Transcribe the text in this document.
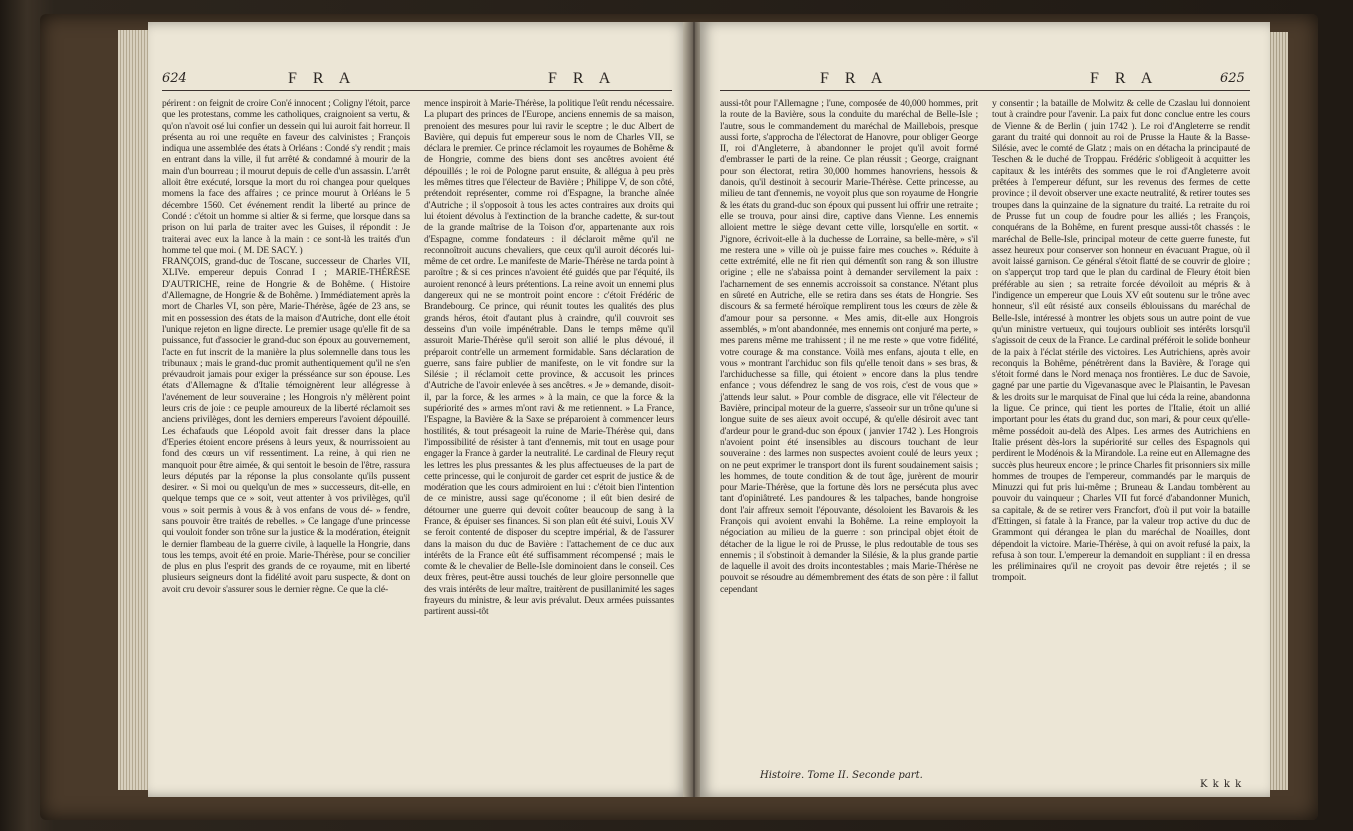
624	F R A	F R A
périrent : on feignit de croire Con'é innocent ; Coligny l'étoit, parce que les protestans, comme les catholiques, craignoient sa vertu, & qu'on n'avoit osé lui confier un dessein qui lui auroit fait horreur. Il présenta au roi une requête en faveur des calvinistes ; François indiqua une assemblée des états à Orléans : Condé s'y rendit ; mais en entrant dans la ville, il fut arrêté & condamné à mourir de la main d'un bourreau ; il mourut depuis de celle d'un assassin. L'arrêt alloit être exécuté, lorsque la mort du roi changea pour quelques momens la face des affaires ; ce prince mourut à Orléans le 5 décembre 1560. Cet événement rendit la liberté au prince de Condé : c'étoit un homme si altier & si ferme, que lorsque dans sa prison on lui parla de traiter avec les Guises, il répondit : Je traiterai avec eux la lance à la main : ce sont-là les traités d'un homme tel que moi. ( M. DE SACY. )
FRANÇOIS, grand-duc de Toscane, successeur de Charles VII, XLIVe. empereur depuis Conrad I ; MARIE-THÉRÈSE D'AUTRICHE, reine de Hongrie & de Bohême. ( Histoire d'Allemagne, de Hongrie & de Bohême. ) Immédiatement après la mort de Charles VI, son père, Marie-Thérèse, âgée de 23 ans, se mit en possession des états de la maison d'Autriche, dont elle étoit l'unique rejeton en ligne directe. Le premier usage qu'elle fit de sa puissance, fut d'associer le grand-duc son époux au gouvernement, l'acte en fut inscrit de la manière la plus solemnelle dans tous les tribunaux ; mais le grand-duc promit authentiquement qu'il ne s'en prévaudroit jamais pour exiger la présséance sur son épouse. Les états d'Allemagne & d'Italie témoignèrent leur allégresse à l'avénement de leur souveraine ; les Hongrois n'y mêlèrent point leurs cris de joie : ce peuple amoureux de la liberté réclamoit ses anciens privilèges, dont les derniers empereurs l'avoient dépouillé. Les échafauds que Léopold avoit fait dresser dans la place d'Eperies étoient encore présens à leurs yeux, & nourrissoient au fond des cœurs un vif ressentiment. La reine, à qui rien ne manquoit pour être aimée, & qui sentoit le besoin de l'être, rassura leurs députés par la réponse la plus consolante qu'ils pussent desirer. « Si moi ou quelqu'un de mes » successeurs, dit-elle, en quelque temps que ce » soit, veut attenter à vos privilèges, qu'il vous » soit permis à vous & à vos enfans de vous dé- » fendre, sans pouvoir être traités de rebelles. » Ce langage d'une princesse qui vouloit fonder son trône sur la justice & la modération, éteignit le dernier flambeau de la guerre civile, à laquelle la Hongrie, dans tous les temps, avoit été en proie. Marie-Thérèse, pour se concilier de plus en plus l'esprit des grands de ce royaume, mit en liberté plusieurs seigneurs dont la fidélité avoit paru suspecte, & dont on avoit cru devoir s'assurer sous le dernier règne. Ce que la clé-
mence inspiroit à Marie-Thérèse, la politique l'eût rendu nécessaire. La plupart des princes de l'Europe, anciens ennemis de sa maison, prenoient des mesures pour lui ravir le sceptre ; le duc Albert de Bavière, qui depuis fut empereur sous le nom de Charles VII, se déclara le premier. Ce prince réclamoit les royaumes de Bohême & de Hongrie, comme des biens dont ses ancêtres avoient été dépouillés ; le roi de Pologne parut ensuite, & allégua à peu près les mêmes titres que l'électeur de Bavière ; Philippe V, de son côté, prétendoit représenter, comme roi d'Espagne, la branche aînée d'Autriche ; il s'opposoit à tous les actes contraires aux droits qui lui étoient dévolus à l'extinction de la branche cadette, & sur-tout de la grande maîtrise de la Toison d'or, appartenante aux rois d'Espagne, comme fondateurs : il déclaroit même qu'il ne reconnoîtroit aucuns chevaliers, que ceux qu'il auroit décorés lui-même de cet ordre. Le manifeste de Marie-Thérèse ne tarda point à paroître ; & si ces princes n'avoient été guidés que par l'équité, ils auroient renoncé à leurs prétentions. La reine avoit un ennemi plus dangereux qui ne se montroit point encore : c'étoit Frédéric de Brandebourg. Ce prince, qui réunit toutes les qualités des plus grands héros, étoit d'autant plus à craindre, qu'il couvroit ses desseins d'un voile impénétrable. Dans le temps même qu'il assuroit Marie-Thérèse qu'il seroit son allié le plus dévoué, il préparoit contr'elle un armement formidable. Sans déclaration de guerre, sans faire publier de manifeste, on le vit fondre sur la Silésie ; il réclamoit cette province, & accusoit les princes d'Autriche de l'avoir enlevée à ses ancêtres. « Je » demande, disoit-il, par la force, & les armes » à la main, ce que la force & la supériorité des » armes m'ont ravi & me retiennent. » La France, l'Espagne, la Bavière & la Saxe se préparoient à commencer leurs hostilités, & tout présageoit la ruine de Marie-Thérèse qui, dans l'impossibilité de résister à tant d'ennemis, mit tout en usage pour engager la France à garder la neutralité. Le cardinal de Fleury reçut les lettres les plus pressantes & les plus affectueuses de la part de cette princesse, qui le conjuroit de garder cet esprit de justice & de modération que les cours admiroient en lui : c'étoit bien l'intention de ce ministre, aussi sage qu'économe ; il eût bien desiré de détourner une guerre qui devoit coûter beaucoup de sang à la France, & épuiser ses finances. Si son plan eût été suivi, Louis XV se feroit contenté de disposer du sceptre impérial, & de l'assurer dans la maison du duc de Bavière : l'attachement de ce duc aux intérêts de la France eût été suffisamment récompensé ; mais le comte & le chevalier de Belle-Isle dominoient dans le conseil. Ces deux frères, peut-être aussi touchés de leur gloire personnelle que des vrais intérêts de leur maître, traitèrent de pusillanimité les sages frayeurs du ministre, & leur avis prévalut. Deux armées puissantes partirent aussi-tôt
F R A	F R A	625
aussi-tôt pour l'Allemagne ; l'une, composée de 40,000 hommes, prit la route de la Bavière, sous la conduite du maréchal de Belle-Isle ; l'autre, sous le commandement du maréchal de Maillebois, presque aussi forte, s'approcha de l'électorat de Hanovre, pour obliger George II, roi d'Angleterre, à abandonner le projet qu'il avoit formé d'embrasser le parti de la reine. Ce plan réussit ; George, craignant pour son électorat, retira 30,000 hommes hanovriens, hessois & danois, qu'il destinoit à secourir Marie-Thérèse. Cette princesse, au milieu de tant d'ennemis, ne voyoit plus que son royaume de Hongrie & les états du grand-duc son époux qui pussent lui offrir une retraite ; elle se trouva, pour ainsi dire, captive dans Vienne. Les ennemis alloient mettre le siège devant cette ville, lorsqu'elle en sortit. « J'ignore, écrivoit-elle à la duchesse de Lorraine, sa belle-mère, » s'il me restera une » ville où je puisse faire mes couches ». Réduite à cette extrémité, elle ne fit rien qui démentît son rang & son illustre origine ; elle ne s'abaissa point à demander servilement la paix : l'acharnement de ses ennemis accroissoit sa constance. N'étant plus en sûreté en Autriche, elle se retira dans ses états de Hongrie. Ses discours & sa fermeté héroïque remplirent tous les cœurs de zèle & d'amour pour sa personne. « Mes amis, dit-elle aux Hongrois assemblés, » m'ont abandonnée, mes ennemis ont conjuré ma perte, » mes parens même me trahissent ; il ne me reste » que votre fidélité, votre courage & ma constance. Voilà mes enfans, ajouta t elle, en vous » montrant l'archiduc son fils qu'elle tenoit dans » ses bras, & l'archiduchesse sa fille, qui étoient » encore dans la plus tendre enfance ; vous défendrez le sang de vos rois, c'est de vous que » j'attends leur salut. » Pour comble de disgrace, elle vit l'électeur de Bavière, principal moteur de la guerre, s'asseoir sur un trône qu'une si longue suite de ses aïeux avoit occupé, & qu'elle désiroit avec tant d'ardeur pour le grand-duc son époux ( janvier 1742 ). Les Hongrois n'avoient point été insensibles au discours touchant de leur souveraine : des larmes non suspectes avoient coulé de leurs yeux ; on ne peut exprimer le transport dont ils furent soudainement saisis ; les hommes, de toute condition & de tout âge, jurèrent de mourir pour Marie-Thérèse, que la fortune dès lors ne persécuta plus avec tant d'opiniâtreté. Les pandoures & les talpaches, bande hongroise dont l'air affreux semoit l'épouvante, désoloient les Bavarois & les François qui avoient envahi la Bohême. La reine employoit la négociation au milieu de la guerre : son principal objet étoit de détacher de la ligue le roi de Prusse, le plus redoutable de tous ses ennemis ; il s'obstinoit à demander la Silésie, & la plus grande partie de laquelle il avoit des droits incontestables ; mais Marie-Thérèse ne pouvoit se résoudre au démembrement des états de son père : il fallut cependant
y consentir ; la bataille de Molwitz & celle de Czaslau lui donnoient tout à craindre pour l'avenir. La paix fut donc conclue entre les cours de Vienne & de Berlin ( juin 1742 ). Le roi d'Angleterre se rendit garant du traité qui donnoit au roi de Prusse la Haute & la Basse-Silésie, avec le comté de Glatz ; mais on en détacha la principauté de Teschen & le duché de Troppau. Frédéric s'obligeoit à acquitter les capitaux & les intérêts des sommes que le roi d'Angleterre avoit prêtées à l'empereur défunt, sur les revenus des fermes de cette province ; il devoit observer une exacte neutralité, & retirer toutes ses troupes dans la quinzaine de la signature du traité. La retraite du roi de Prusse fut un coup de foudre pour les alliés ; les François, conquérans de la Bohême, en furent presque aussi-tôt chassés : le maréchal de Belle-Isle, principal moteur de cette guerre funeste, fut assez heureux pour conserver son honneur en évacuant Prague, où il avoit laissé garnison. Ce général s'étoit flatté de se couvrir de gloire ; on s'apperçut trop tard que le plan du cardinal de Fleury étoit bien préférable au sien ; sa retraite forcée dévoiloit au mépris & à l'indigence un empereur que Louis XV eût soutenu sur le trône avec honneur, s'il eût résisté aux conseils éblouissans du maréchal de Belle-Isle, intéressé à montrer les objets sous un autre point de vue qu'un ministre vertueux, qui toujours oublioit ses intérêts lorsqu'il s'agissoit de ceux de la France. Le cardinal préféroit le solide bonheur de la paix à l'éclat stérile des victoires. Les Autrichiens, après avoir reconquis la Bohême, pénétrèrent dans la Bavière, & l'orage qui s'étoit formé dans le Nord menaça nos frontières. Le duc de Savoie, gagné par une partie du Vigevanasque avec le Plaisantin, le Pavesan & les droits sur le marquisat de Final que lui céda la reine, abandonna la ligue. Ce prince, qui tient les portes de l'Italie, étoit un allié important pour les états du grand duc, son mari, & pour ceux qu'elle-même possédoit au-delà des Alpes. Les armes des Autrichiens en Italie présent dès-lors la supériorité sur celles des Espagnols qui perdirent le Modénois & la Mirandole. La reine eut en Allemagne des succès plus heureux encore ; le prince Charles fit prisonniers six mille hommes de troupes de l'empereur, commandés par le marquis de Minuzzi qui fut pris lui-même ; Bruneau & Landau tombèrent au pouvoir du vainqueur ; Charles VII fut forcé d'abandonner Munich, sa capitale, & de se retirer vers Francfort, d'où il put voir la bataille d'Ettingen, si fatale à la France, par la valeur trop active du duc de Grammont qui dérangea le plan du maréchal de Noailles, dont dépendoit la victoire. Marie-Thérèse, à qui on avoit refusé la paix, la refusa à son tour. L'empereur la demandoit en suppliant : il en dressa les préliminaires qu'il ne croyoit pas devoir être rejetés ; il se trompoit.
Histoire. Tome II. Seconde part.
K k k k
